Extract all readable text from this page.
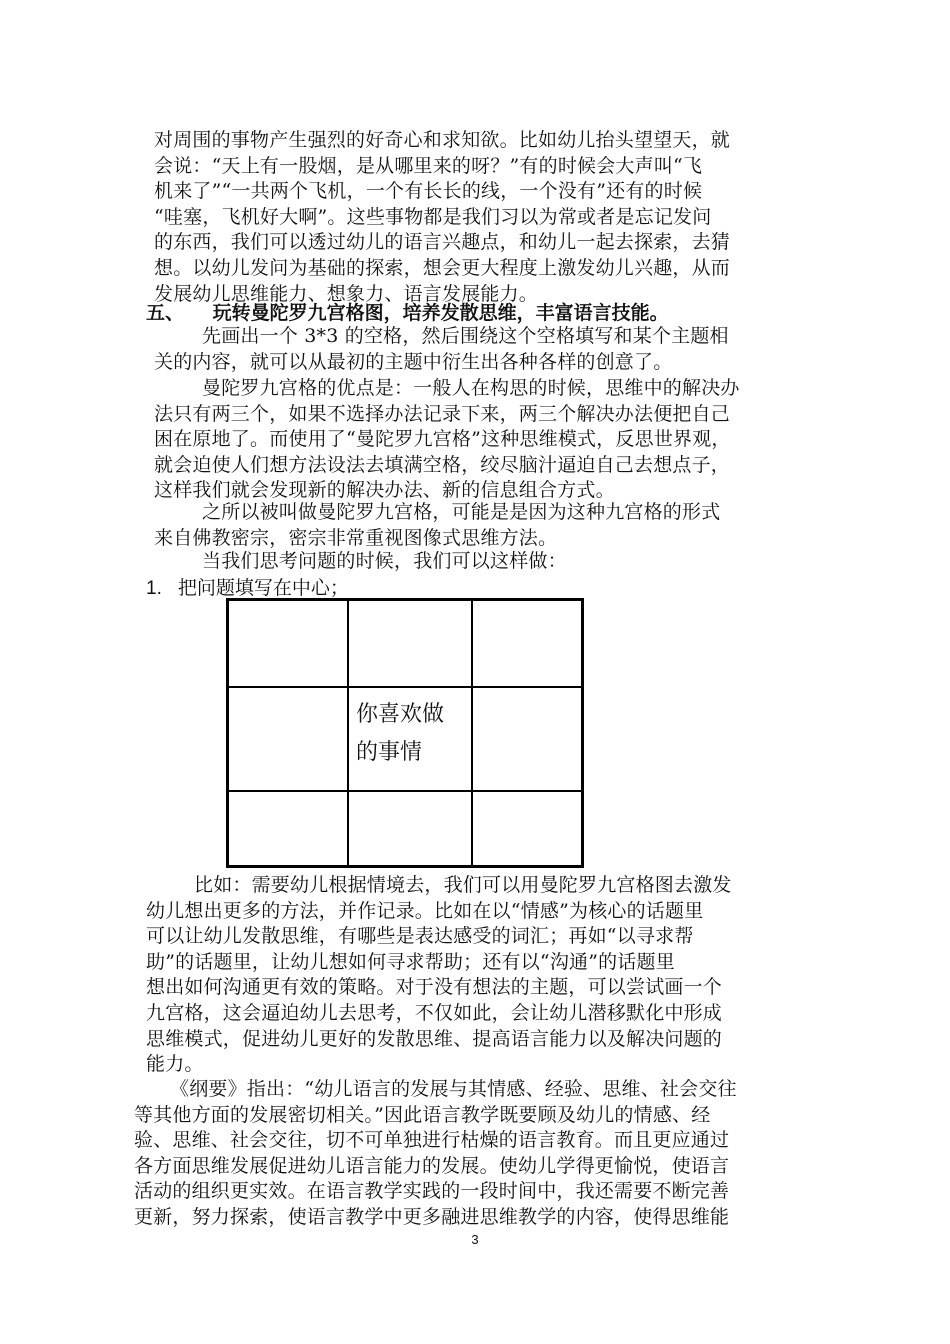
对周围的事物产生强烈的好奇心和求知欲。比如幼儿抬头望望天，就
会说：“天上有一股烟，是从哪里来的呀？”有的时候会大声叫“飞
机来了”“一共两个飞机，一个有长长的线，一个没有”还有的时候
“哇塞，飞机好大啊”。这些事物都是我们习以为常或者是忘记发问
的东西，我们可以透过幼儿的语言兴趣点，和幼儿一起去探索，去猜
想。以幼儿发问为基础的探索，想会更大程度上激发幼儿兴趣，从而
发展幼儿思维能力、想象力、语言发展能力。
五、 玩转曼陀罗九宫格图，培养发散思维，丰富语言技能。
先画出一个 3*3 的空格，然后围绕这个空格填写和某个主题相
关的内容，就可以从最初的主题中衍生出各种各样的创意了。
曼陀罗九宫格的优点是：一般人在构思的时候，思维中的解决办
法只有两三个，如果不选择办法记录下来，两三个解决办法便把自己
困在原地了。而使用了“曼陀罗九宫格”这种思维模式，反思世界观，
就会迫使人们想方法设法去填满空格，绞尽脑汁逼迫自己去想点子，
这样我们就会发现新的解决办法、新的信息组合方式。
之所以被叫做曼陀罗九宫格，可能是是因为这种九宫格的形式
来自佛教密宗，密宗非常重视图像式思维方法。
当我们思考问题的时候，我们可以这样做：
1. 把问题填写在中心；
你喜欢做
的事情
比如：需要幼儿根据情境去，我们可以用曼陀罗九宫格图去激发
幼儿想出更多的方法，并作记录。比如在以“情感”为核心的话题里
可以让幼儿发散思维，有哪些是表达感受的词汇；再如“以寻求帮
助”的话题里，让幼儿想如何寻求帮助；还有以“沟通”的话题里
想出如何沟通更有效的策略。对于没有想法的主题，可以尝试画一个
九宫格，这会逼迫幼儿去思考，不仅如此，会让幼儿潜移默化中形成
思维模式，促进幼儿更好的发散思维、提高语言能力以及解决问题的
能力。
《纲要》指出：“幼儿语言的发展与其情感、经验、思维、社会交往
等其他方面的发展密切相关。”因此语言教学既要顾及幼儿的情感、经
验、思维、社会交往，切不可单独进行枯燥的语言教育。而且更应通过
各方面思维发展促进幼儿语言能力的发展。使幼儿学得更愉悦，使语言
活动的组织更实效。在语言教学实践的一段时间中，我还需要不断完善
更新，努力探索，使语言教学中更多融进思维教学的内容，使得思维能
3
